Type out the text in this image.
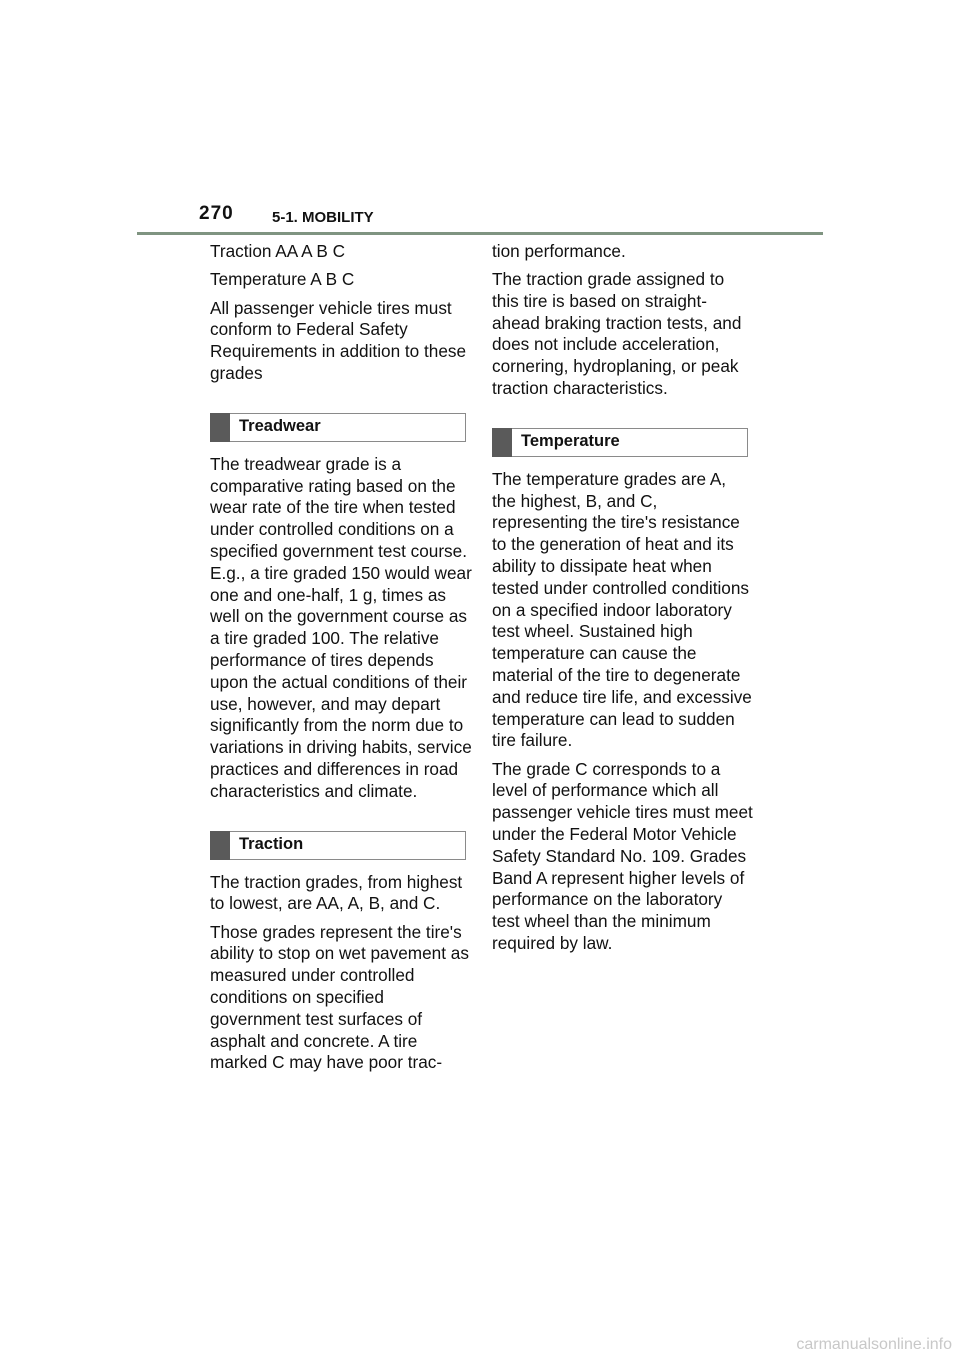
270	5-1. MOBILITY

Traction AA A B C

Temperature A B C

All passenger vehicle tires must conform to Federal Safety Requirements in addition to these grades

Treadwear

The treadwear grade is a comparative rating based on the wear rate of the tire when tested under controlled conditions on a specified government test course. E.g., a tire graded 150 would wear one and one-half, 1 g, times as well on the government course as a tire graded 100. The relative performance of tires depends upon the actual conditions of their use, however, and may depart significantly from the norm due to variations in driving habits, service practices and differences in road characteristics and climate.

Traction

The traction grades, from highest to lowest, are AA, A, B, and C.

Those grades represent the tire's ability to stop on wet pavement as measured under controlled conditions on specified government test surfaces of asphalt and concrete. A tire marked C may have poor trac-

tion performance.

The traction grade assigned to this tire is based on straight-ahead braking traction tests, and does not include acceleration, cornering, hydroplaning, or peak traction characteristics.

Temperature

The temperature grades are A, the highest, B, and C, representing the tire's resistance to the generation of heat and its ability to dissipate heat when tested under controlled conditions on a specified indoor laboratory test wheel. Sustained high temperature can cause the material of the tire to degenerate and reduce tire life, and excessive temperature can lead to sudden tire failure.

The grade C corresponds to a level of performance which all passenger vehicle tires must meet under the Federal Motor Vehicle Safety Standard No. 109. Grades Band A represent higher levels of performance on the laboratory test wheel than the minimum required by law.

carmanualsonline.info
